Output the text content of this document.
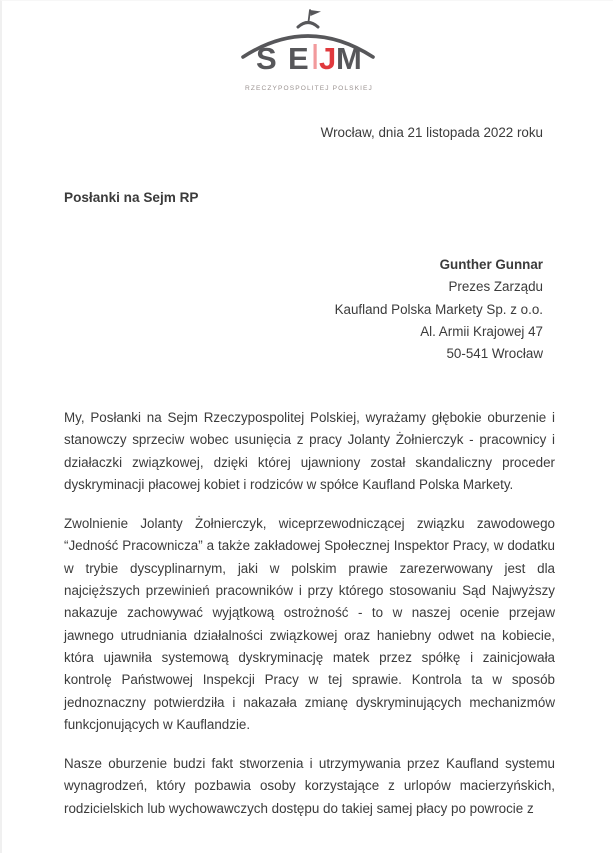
S E J M
RZECZYPOSPOLITEJ POLSKIEJ
Wrocław, dnia 21 listopada 2022 roku
Posłanki na Sejm RP
Gunther Gunnar
Prezes Zarządu
Kaufland Polska Markety Sp. z o.o.
Al. Armii Krajowej 47
50-541 Wrocław

My, Posłanki na Sejm Rzeczypospolitej Polskiej, wyrażamy głębokie oburzenie i stanowczy sprzeciw wobec usunięcia z pracy Jolanty Żołnierczyk - pracownicy i działaczki związkowej, dzięki której ujawniony został skandaliczny proceder dyskryminacji płacowej kobiet i rodziców w spółce Kaufland Polska Markety.

Zwolnienie Jolanty Żołnierczyk, wiceprzewodniczącej związku zawodowego “Jedność Pracownicza” a także zakładowej Społecznej Inspektor Pracy, w dodatku w trybie dyscyplinarnym, jaki w polskim prawie zarezerwowany jest dla najcięższych przewinień pracowników i przy którego stosowaniu Sąd Najwyższy nakazuje zachowywać wyjątkową ostrożność - to w naszej ocenie przejaw jawnego utrudniania działalności związkowej oraz haniebny odwet na kobiecie, która ujawniła systemową dyskryminację matek przez spółkę i zainicjowała kontrolę Państwowej Inspekcji Pracy w tej sprawie. Kontrola ta w sposób jednoznaczny potwierdziła i nakazała zmianę dyskryminujących mechanizmów funkcjonujących w Kauflandzie.

Nasze oburzenie budzi fakt stworzenia i utrzymywania przez Kaufland systemu wynagrodzeń, który pozbawia osoby korzystające z urlopów macierzyńskich, rodzicielskich lub wychowawczych dostępu do takiej samej płacy po powrocie z
